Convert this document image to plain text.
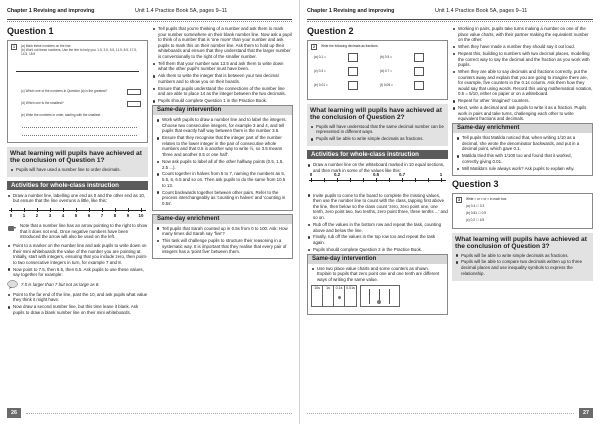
Chapter 1 Revising and improving	Unit 1.4 Practice Book 5A, pages 9–11
Question 1
1	(a) Mark these numbers on the line.
(b) Work out these numbers. Use the line to help you. 1.5, 3.5, 5.5, 11.5, 8.5, 17.5, 14.5, 18.5
(c) Which one of the numbers in Question (a) is the greatest?
(d) Which one is the smallest?
(e) Write the numbers in order, starting with the smallest.
What learning will pupils have achieved at the conclusion of Question 1?
Pupils will have used a number line to order decimals.
Activities for whole-class instruction
Draw a number line, labelling one end as 0 and the other end as 10, but ensure that the line overruns a little, like this:
0	1	2	3	4	5	6	7	8	9	10
Note that a number line has an arrow pointing to the right to show that it does not end. Once negative numbers have been introduced the arrow will also be used on the left.
Point to a marker on the number line and ask pupils to write down on their mini whiteboards the value of the number you are pointing at. Initially, start with integers, ensuring that you include zero, then point-to two consecutive integers in turn, for example 7 and 8.
Now point to 7.5, then 6.5, then 6.5. Ask pupils to use these values, say together for example:
7.5 is larger than 7 but not as large as 8.
Point to the far end of the line, past the 10, and ask pupils what value they think it might have.
Now draw a second number line, but this time leave it blank. Ask pupils to draw a blank number line on their mini whiteboards.
Tell pupils that you're thinking of a number and ask them to mark your number somewhere on their blank number line. Now ask a pupil to think of a number that is 'one more' than your number and ask pupils to mark this on their number line. Ask them to hold up their whiteboards and ensure that they understand that the larger number is conventionally to the right of the smaller number.
Tell them that your number was 13.5 and ask them to write down what the other pupil's number must have been.
Ask them to write the integer that is between your two decimal numbers and to show you on their boards.
Ensure that pupils understand the connections of the number line and are able to place 14 as the integer between the two decimals.
Pupils should complete Question 1 in the Practice Book.
Same-day intervention
Work with pupils to draw a number line and to label the integers. Choose two consecutive integers, for example 3 and 4, and tell pupils that exactly half way between them is the number 3.5.
Ensure that they recognise that the integer part of the number relates to the lower integer in the pair of consecutive whole numbers and that 0.5 is another way to write ½, so 3.5 means 'three and another 0.5 or one half'.
Now ask pupils to label all of the other halfway points (0.5, 1.5, 2.5 ...).
Count together in halves from 5 to 7, naming the numbers as 5, 5.5, 6, 6.5 and so on. Then ask pupils to do the same from 10.5 to 13.
Count backwards together between other pairs. Refer to the process interchangeably as 'counting in halves' and 'counting in 0.5s'.
Same-day enrichment
Tell pupils that Sarah counted up in 0.5s from 0 to 100. Ask: How many times did Sarah say 'five'?
This task will challenge pupils to structure their reasoning in a systematic way. It is important that they realise that every pair of integers has a 'point five' between them.
26
Chapter 1 Revising and improving	Unit 1.4 Practice Book 5A, pages 9–11
Question 2
2	Write the following decimals as fractions.
(a) 0.1 =	(b) 0.5 =
(c) 0.3 =	(d) 0.7 =
(e) 0.01 =	(f) 0.05 =
What learning will pupils have achieved at the conclusion of Question 2?
Pupils will have understood that the same decimal number can be represented in different ways.
Pupils will be able to write simple decimals as fractions.
Activities for whole-class instruction
Draw a number line on the whiteboard marked in 10 equal sections, and then mark in some of the values like this:
0	0.2	0.5	0.7	1
Invite pupils to come to the board to complete the missing values, then use the number line to count with the class, tapping first above the line, then below so the class count 'zero, zero point one, one tenth, zero point two, two tenths, zero point three, three tenths ...' and so on.
Rub off the values in the bottom row and repeat the task, counting above and below the line.
Finally, rub off the values in the top row too and repeat the task again.
Pupils should complete Question 2 in the Practice Book.
Same-day intervention
Use two place value charts and some counters as shown. Explain to pupils that zero point one and one tenth are different ways of writing the same value.
10s	1s	0.1s	0.01s
Working in pairs, pupils take turns making a number on one of the place value charts, with their partner making the equivalent number on the other.
When they have made a number they should say it out loud.
Repeat this, building to numbers with two decimal places, modelling the correct way to say the decimal and the fraction as you work with pupils.
When they are able to say decimals and fractions correctly, put the counters away and explain that you are going to imagine there are, for example, five counters in the 0.1s column. Ask them how they would say that using words. Record this using mathematical notation, 0.5 = 5/10, either on paper or on a whiteboard.
Repeat for other 'imagined' counters.
Next, write a decimal and ask pupils to write it as a fraction. Pupils work in pairs and take turns, challenging each other to write equivalent fractions and decimals.
Same-day enrichment
Tell pupils that Matilda noticed that, when writing 1/10 as a decimal, she wrote the denominator backwards, and put in a decimal point, which gave 0.1.
Matilda tried this with 1/100 too and found that it worked, correctly giving 0.01.
Will Matilda's rule always work? Ask pupils to explain why.
Question 3
3	Write > or < or = in each box.
(a) 0.4 ☐ 0.3
(b) 0.81 ☐ 0.9
(c) 0.2 ☐ 1/5
What learning will pupils have achieved at the conclusion of Question 3?
Pupils will be able to write simple decimals as fractions.
Pupils will be able to compare two decimals written up to three decimal places and use inequality symbols to express the relationship.
27
